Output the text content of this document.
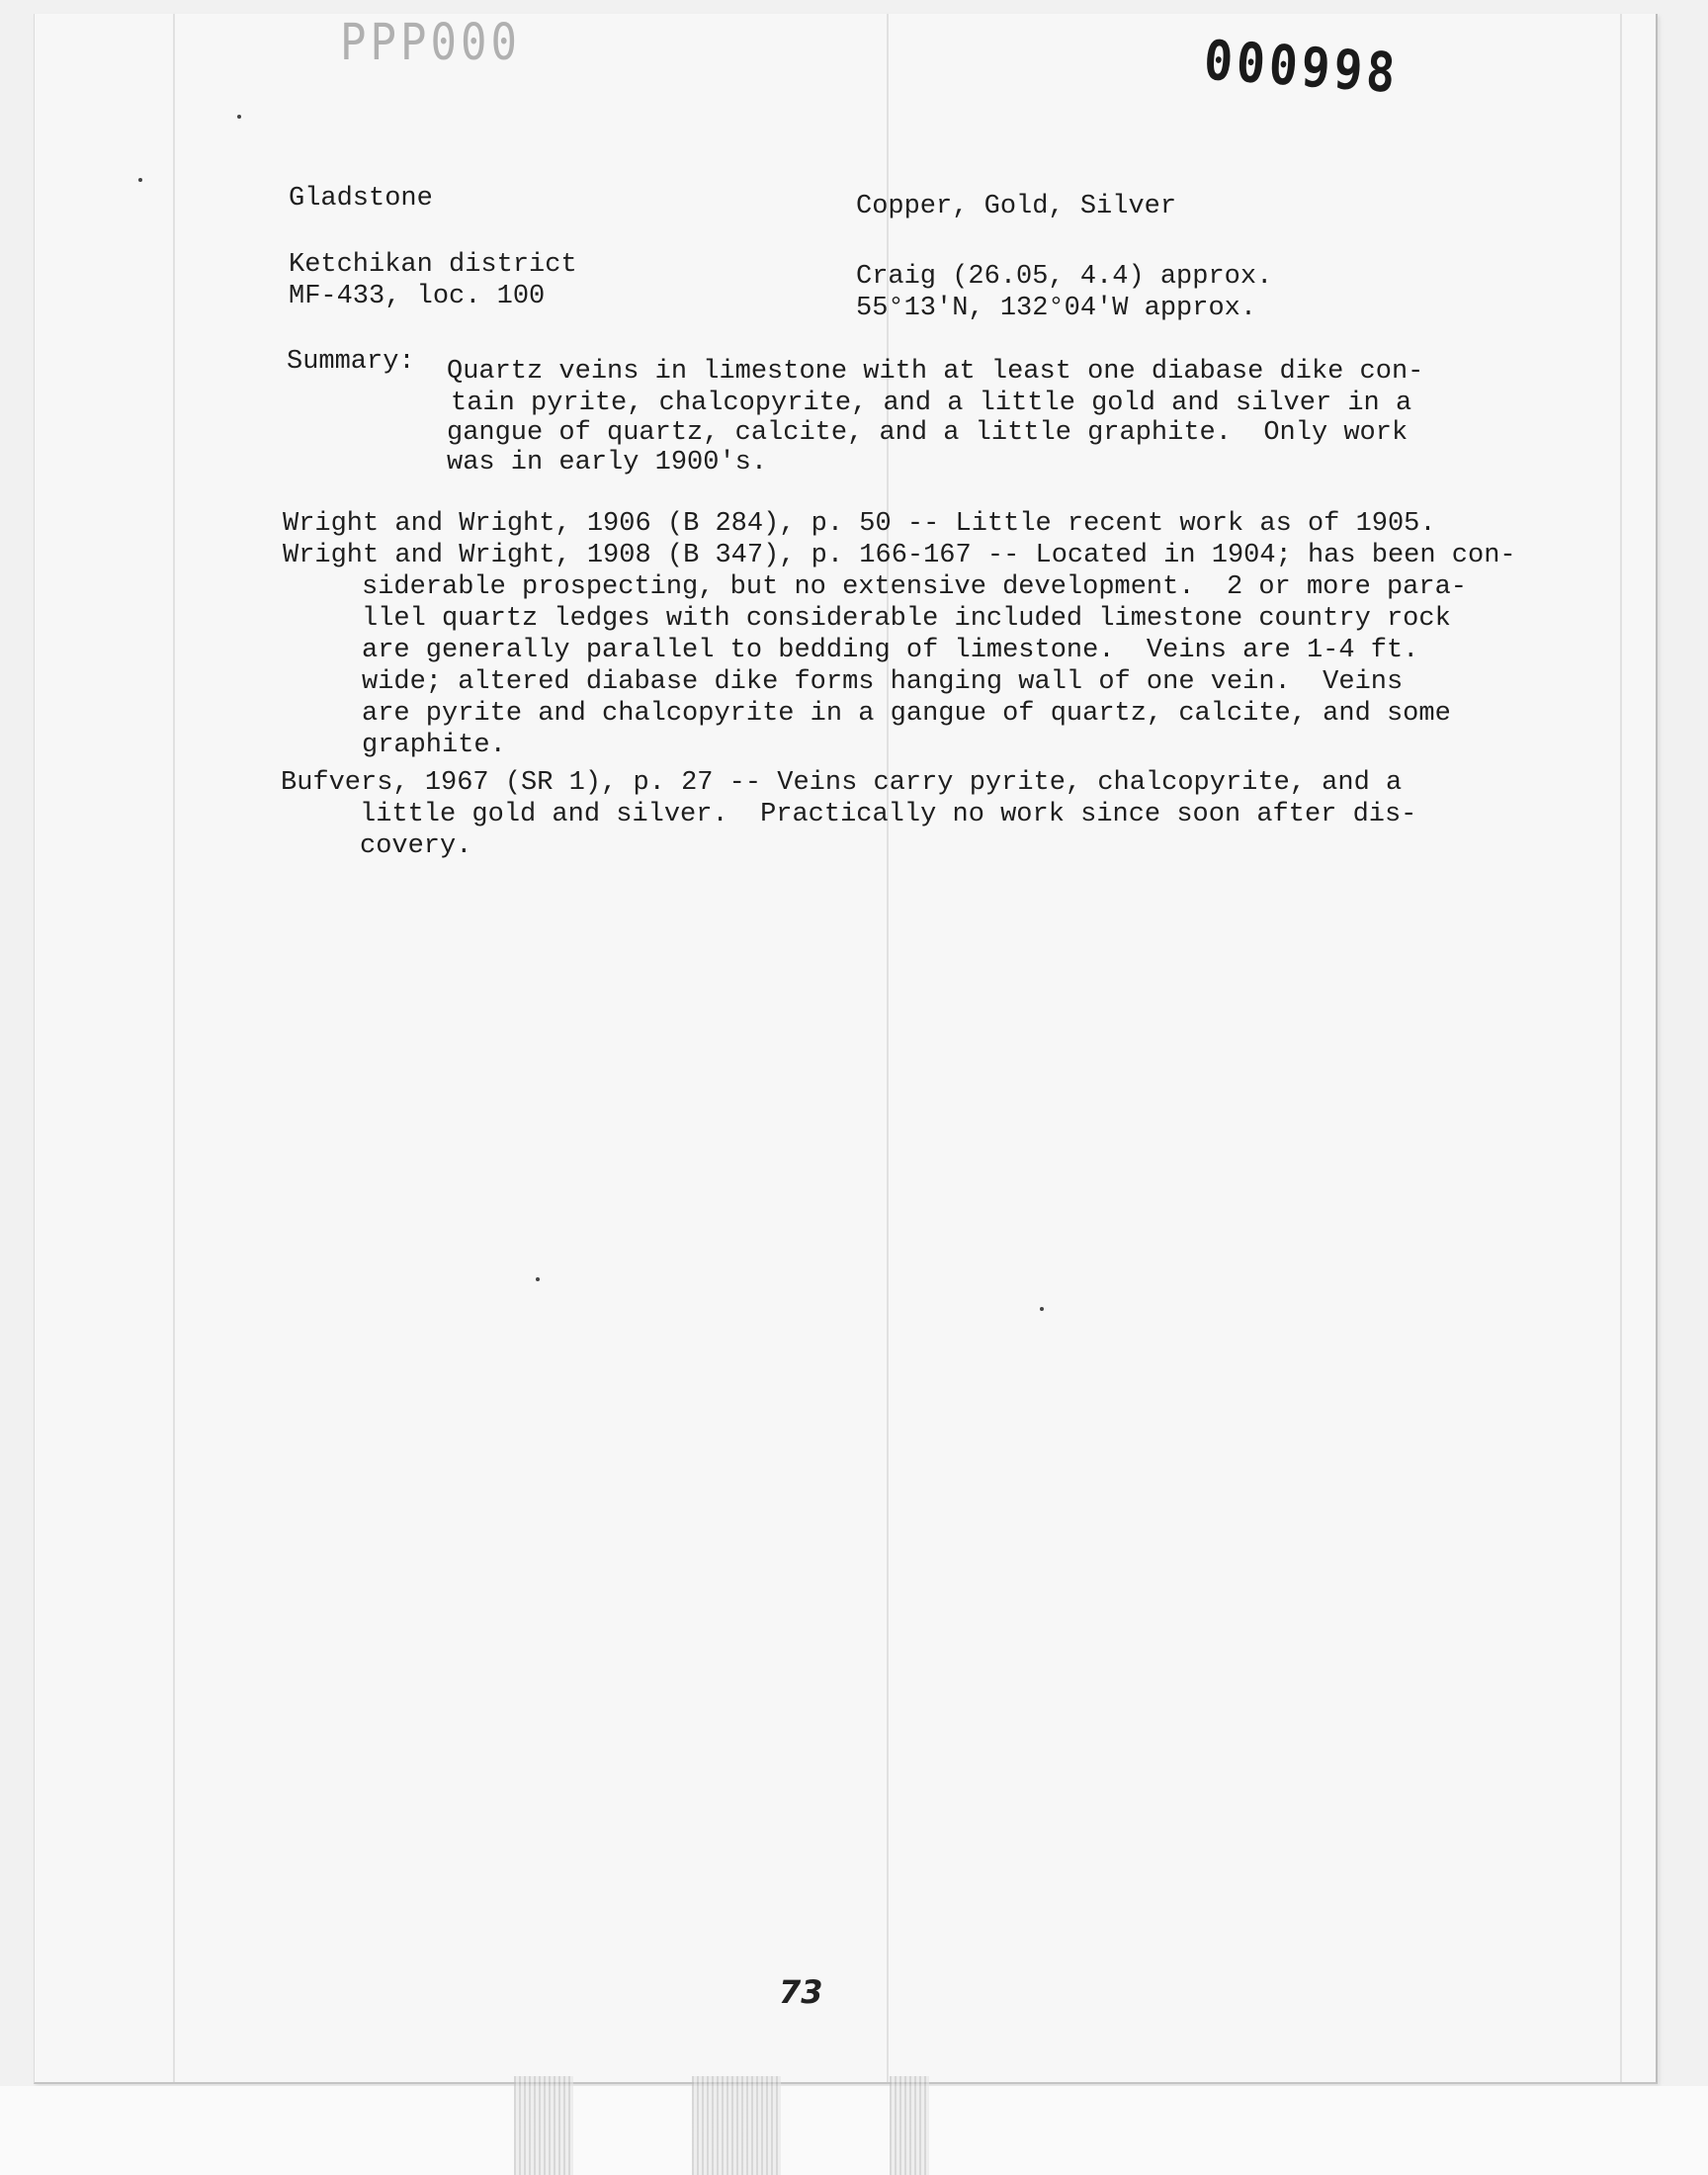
PPP000	000998
Gladstone	Copper, Gold, Silver
Ketchikan district	Craig (26.05, 4.4) approx.
MF-433, loc. 100	55°13'N, 132°04'W approx.
Summary: Quartz veins in limestone with at least one diabase dike con-
tain pyrite, chalcopyrite, and a little gold and silver in a
gangue of quartz, calcite, and a little graphite.  Only work
was in early 1900's.
Wright and Wright, 1906 (B 284), p. 50 -- Little recent work as of 1905.
Wright and Wright, 1908 (B 347), p. 166-167 -- Located in 1904; has been con-
siderable prospecting, but no extensive development.  2 or more para-
llel quartz ledges with considerable included limestone country rock
are generally parallel to bedding of limestone.  Veins are 1-4 ft.
wide; altered diabase dike forms hanging wall of one vein.  Veins
are pyrite and chalcopyrite in a gangue of quartz, calcite, and some
graphite.
Bufvers, 1967 (SR 1), p. 27 -- Veins carry pyrite, chalcopyrite, and a
little gold and silver.  Practically no work since soon after dis-
covery.
73
